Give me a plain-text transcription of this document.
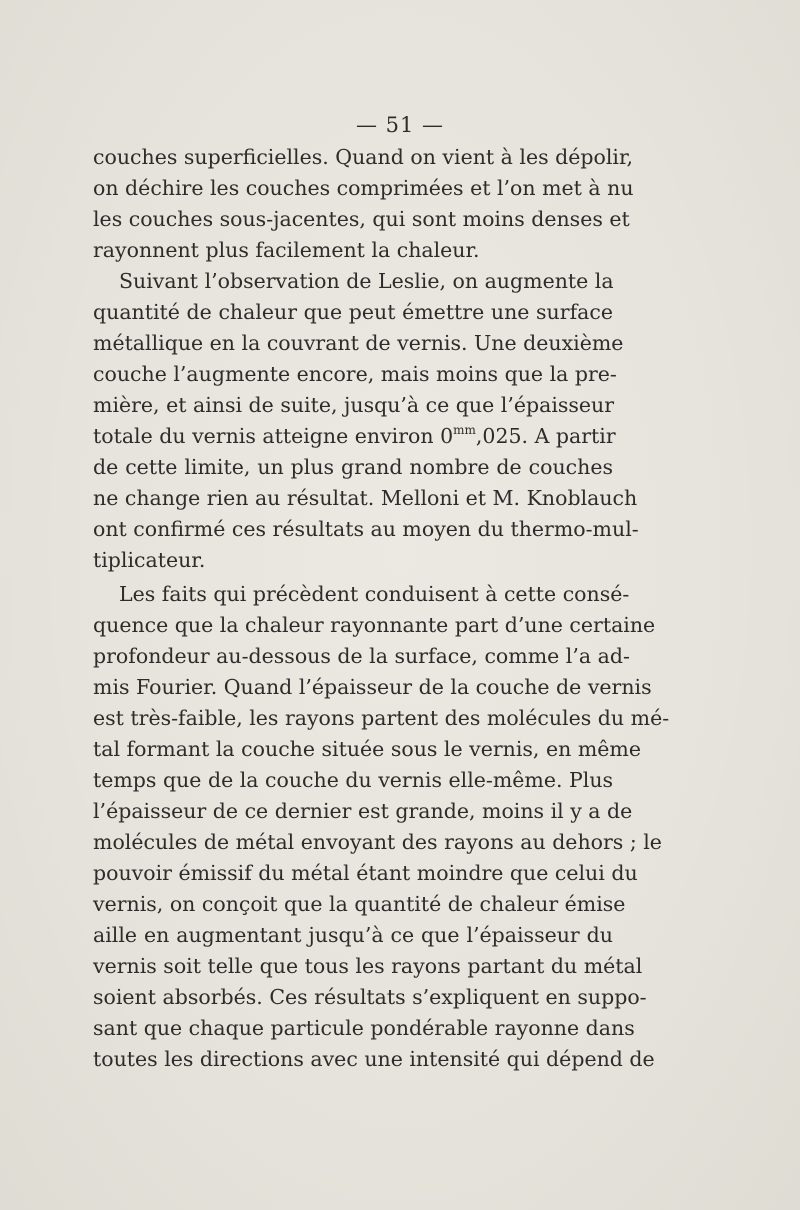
— 51 —
couches superficielles. Quand on vient à les dépolir,
on déchire les couches comprimées et l’on met à nu
les couches sous-jacentes, qui sont moins denses et
rayonnent plus facilement la chaleur.
Suivant l’observation de Leslie, on augmente la
quantité de chaleur que peut émettre une surface
métallique en la couvrant de vernis. Une deuxième
couche l’augmente encore, mais moins que la pre-
mière, et ainsi de suite, jusqu’à ce que l’épaisseur
totale du vernis atteigne environ $0^{mm},025$. A partir
de cette limite, un plus grand nombre de couches
ne change rien au résultat. Melloni et M. Knoblauch
ont confirmé ces résultats au moyen du thermo-mul-
tiplicateur.
Les faits qui précèdent conduisent à cette consé-
quence que la chaleur rayonnante part d’une certaine
profondeur au-dessous de la surface, comme l’a ad-
mis Fourier. Quand l’épaisseur de la couche de vernis
est très-faible, les rayons partent des molécules du mé-
tal formant la couche située sous le vernis, en même
temps que de la couche du vernis elle-même. Plus
l’épaisseur de ce dernier est grande, moins il y a de
molécules de métal envoyant des rayons au dehors ; le
pouvoir émissif du métal étant moindre que celui du
vernis, on conçoit que la quantité de chaleur émise
aille en augmentant jusqu’à ce que l’épaisseur du
vernis soit telle que tous les rayons partant du métal
soient absorbés. Ces résultats s’expliquent en suppo-
sant que chaque particule pondérable rayonne dans
toutes les directions avec une intensité qui dépend de
